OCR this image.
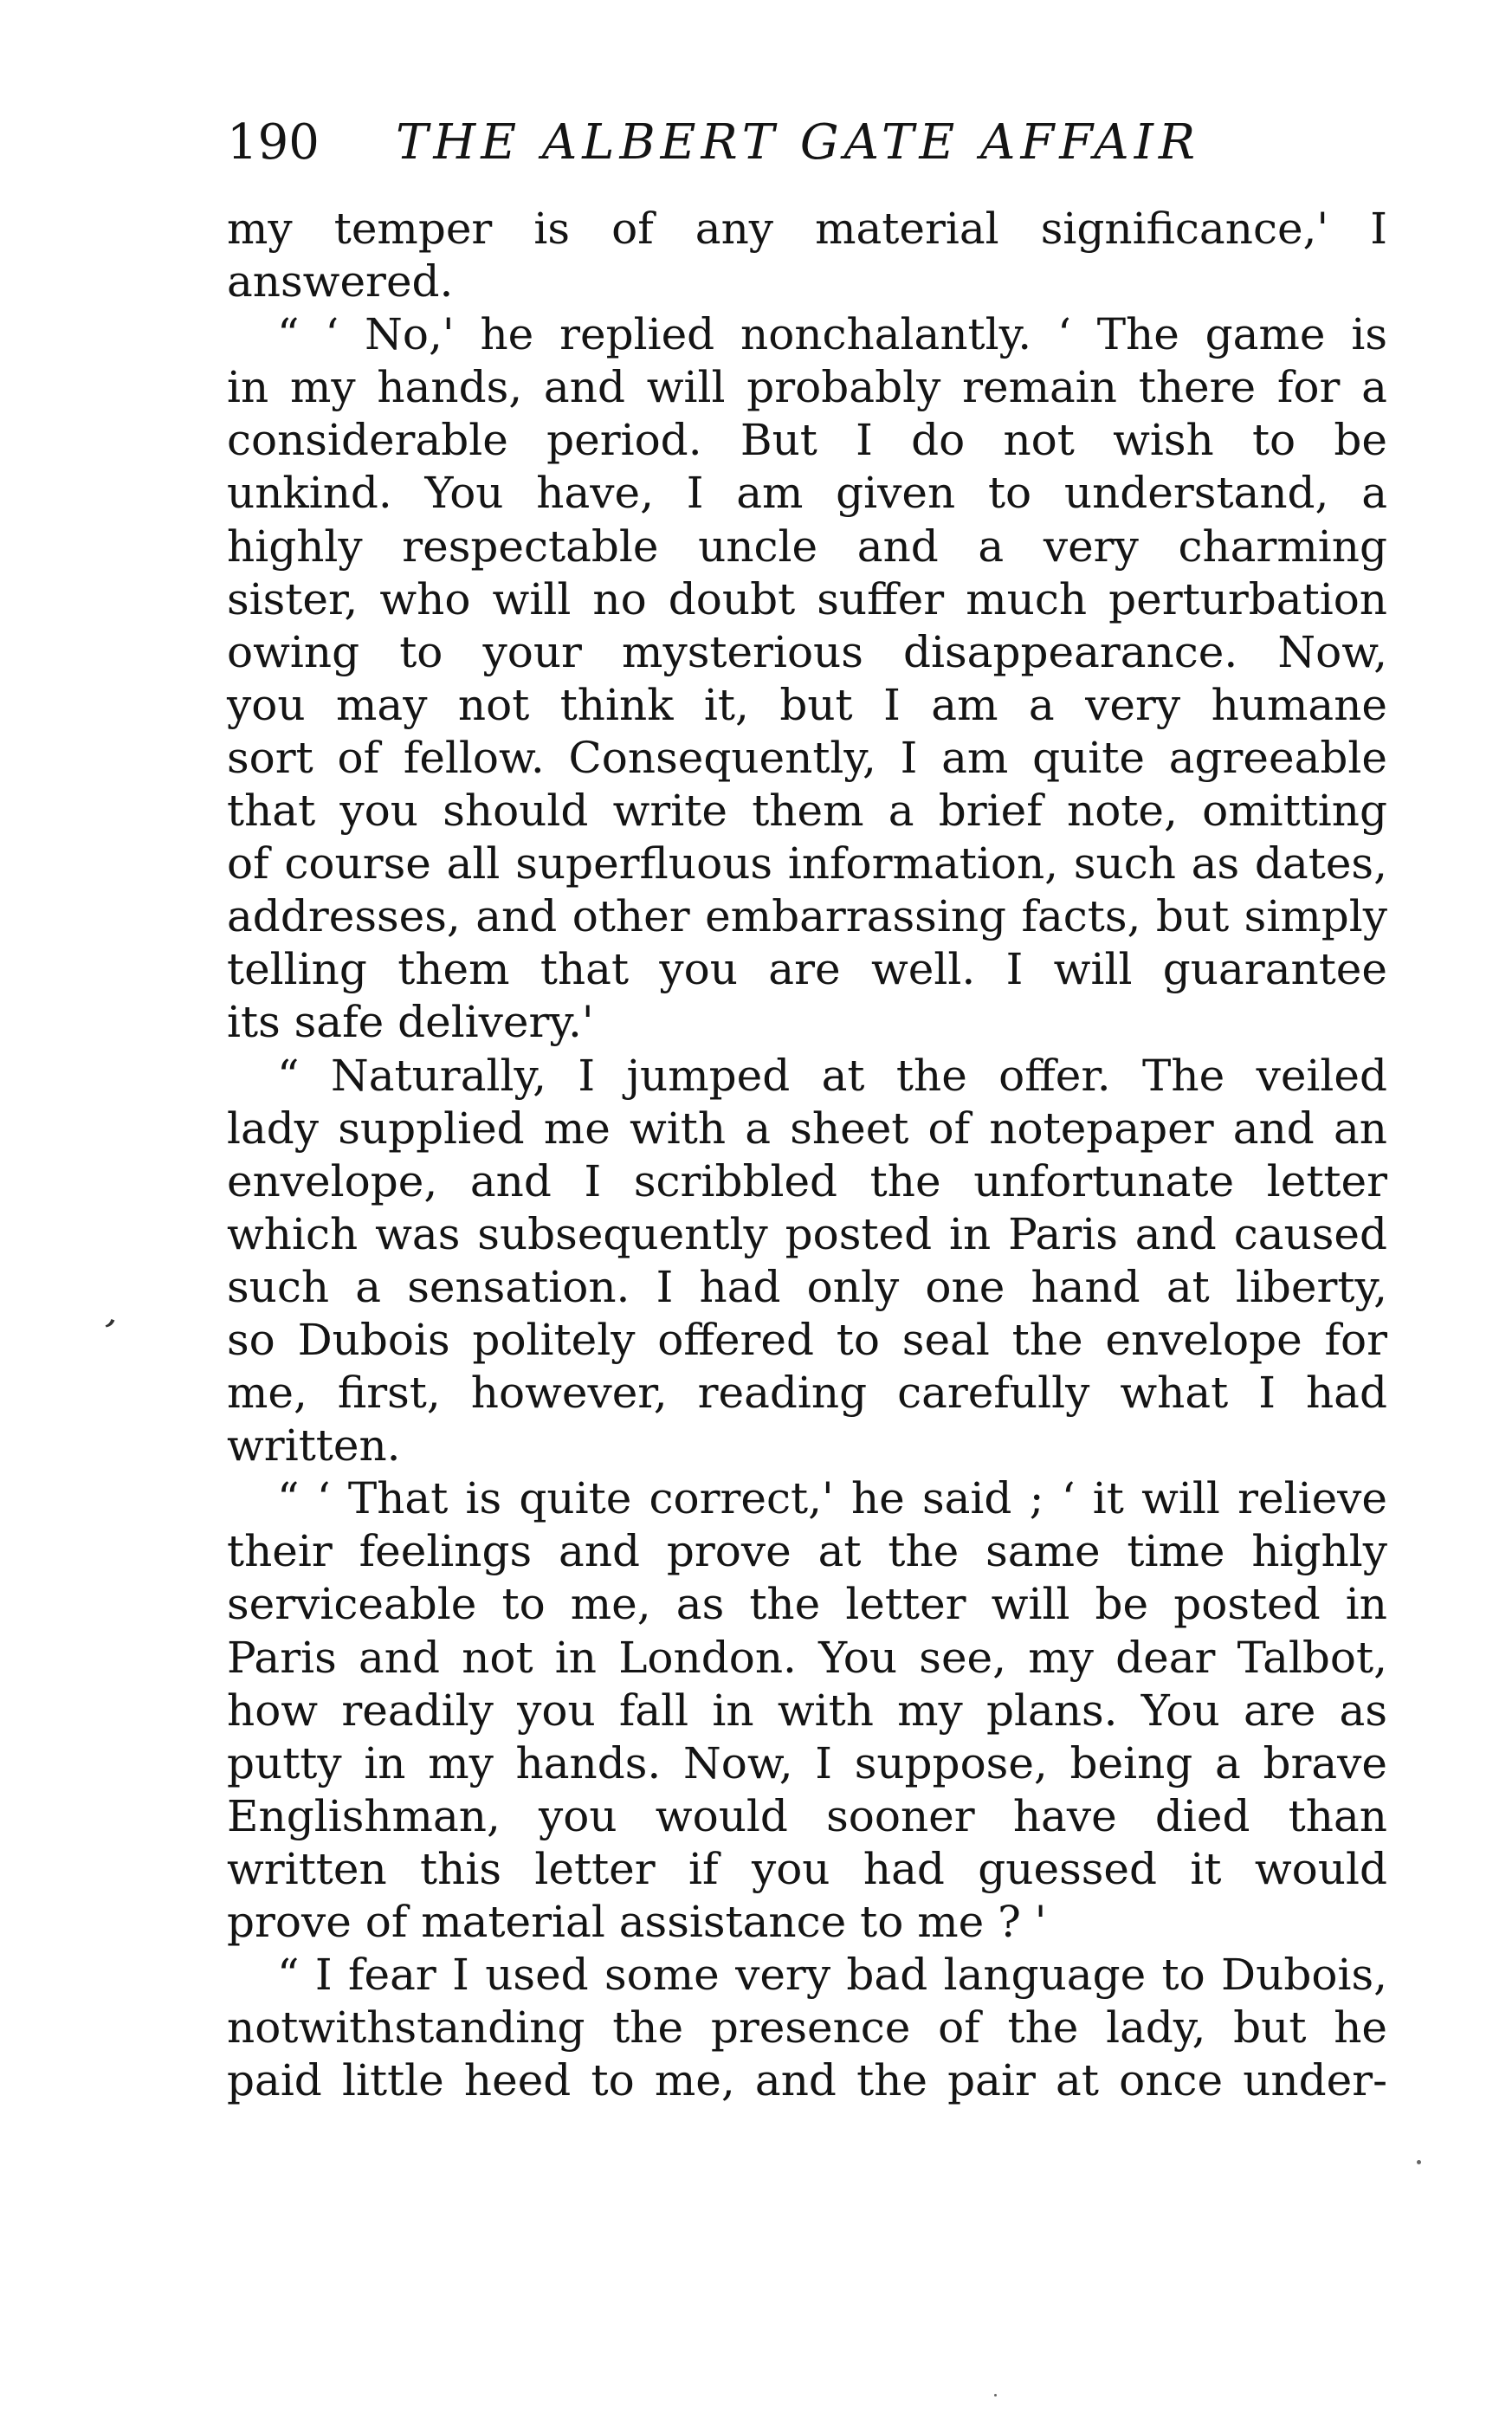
190 THE ALBERT GATE AFFAIR
my temper is of any material significance,' I
answered.
“ ‘ No,' he replied nonchalantly. ‘ The game is
in my hands, and will probably remain there for a
considerable period. But I do not wish to be
unkind. You have, I am given to understand, a
highly respectable uncle and a very charming
sister, who will no doubt suffer much perturbation
owing to your mysterious disappearance. Now,
you may not think it, but I am a very humane
sort of fellow. Consequently, I am quite agreeable
that you should write them a brief note, omitting
of course all superfluous information, such as dates,
addresses, and other embarrassing facts, but simply
telling them that you are well. I will guarantee
its safe delivery.'
“ Naturally, I jumped at the offer. The veiled
lady supplied me with a sheet of notepaper and an
envelope, and I scribbled the unfortunate letter
which was subsequently posted in Paris and caused
such a sensation. I had only one hand at liberty,
so Dubois politely offered to seal the envelope for
me, first, however, reading carefully what I had
written.
“ ‘ That is quite correct,' he said ; ‘ it will relieve
their feelings and prove at the same time highly
serviceable to me, as the letter will be posted in
Paris and not in London. You see, my dear Talbot,
how readily you fall in with my plans. You are as
putty in my hands. Now, I suppose, being a brave
Englishman, you would sooner have died than
written this letter if you had guessed it would
prove of material assistance to me ? '
“ I fear I used some very bad language to Dubois,
notwithstanding the presence of the lady, but he
paid little heed to me, and the pair at once under-
,
